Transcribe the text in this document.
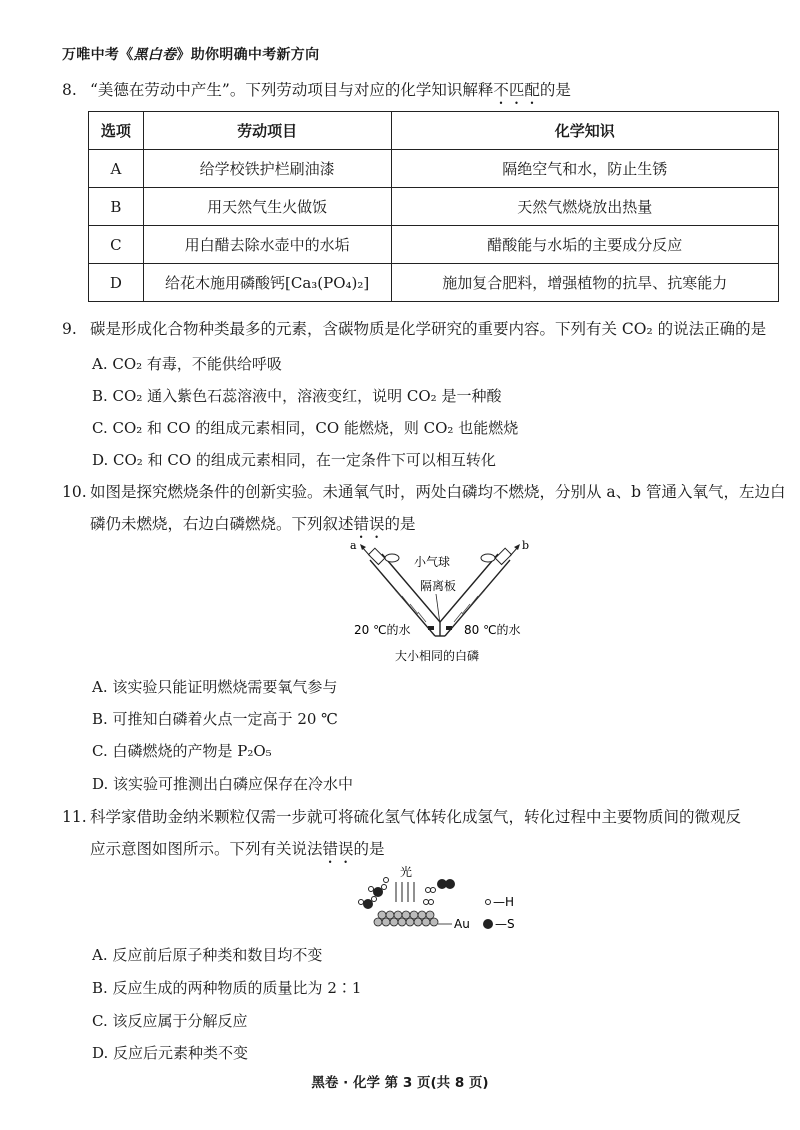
万唯中考《黑白卷》助你明确中考新方向
8. “美德在劳动中产生”。下列劳动项目与对应的化学知识解释不匹配的是
选项	劳动项目	化学知识
A	给学校铁护栏刷油漆	隔绝空气和水，防止生锈
B	用天然气生火做饭	天然气燃烧放出热量
C	用白醋去除水壶中的水垢	醋酸能与水垢的主要成分反应
D	给花木施用磷酸钙[Ca₃(PO₄)₂]	施加复合肥料，增强植物的抗旱、抗寒能力
9. 碳是形成化合物种类最多的元素，含碳物质是化学研究的重要内容。下列有关 CO₂ 的说法正确的是
A. CO₂ 有毒，不能供给呼吸
B. CO₂ 通入紫色石蕊溶液中，溶液变红，说明 CO₂ 是一种酸
C. CO₂ 和 CO 的组成元素相同，CO 能燃烧，则 CO₂ 也能燃烧
D. CO₂ 和 CO 的组成元素相同，在一定条件下可以相互转化
10. 如图是探究燃烧条件的创新实验。未通氧气时，两处白磷均不燃烧，分别从 a、b 管通入氧气，左边白
磷仍未燃烧，右边白磷燃烧。下列叙述错误的是
a	b
小气球
隔离板
20 ℃的水	80 ℃的水
大小相同的白磷
A. 该实验只能证明燃烧需要氧气参与
B. 可推知白磷着火点一定高于 20 ℃
C. 白磷燃烧的产物是 P₂O₅
D. 该实验可推测出白磷应保存在冷水中
11. 科学家借助金纳米颗粒仅需一步就可将硫化氢气体转化成氢气，转化过程中主要物质间的微观反
应示意图如图所示。下列有关说法错误的是
光
Au
—H
—S
A. 反应前后原子种类和数目均不变
B. 反应生成的两种物质的质量比为 2∶1
C. 该反应属于分解反应
D. 反应后元素种类不变
黑卷 · 化学 第 3 页(共 8 页)
